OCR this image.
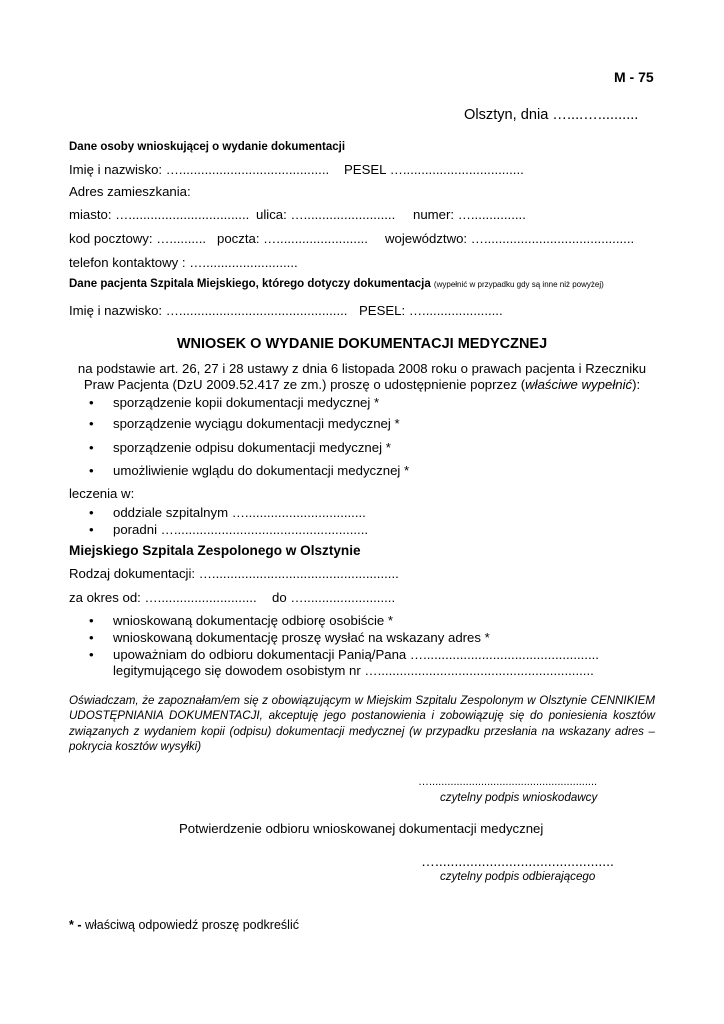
M - 75
Olsztyn, dnia …....…..........
Dane osoby wnioskującej o wydanie dokumentacji
Imię i nazwisko: …......................................... PESEL ….................................
Adres zamieszkania:
miasto: …................................. ulica: …......................... numer: …...............
kod pocztowy: ….......... poczta: …......................... województwo: ….........................................
telefon kontaktowy : …..........................
Dane pacjenta Szpitala Miejskiego, którego dotyczy dokumentacja (wypełnić w przypadku gdy są inne niż powyżej)
Imię i nazwisko: ….............................................. PESEL: …......................
WNIOSEK O WYDANIE DOKUMENTACJI MEDYCZNEJ
na podstawie art. 26, 27 i 28 ustawy z dnia 6 listopada 2008 roku o prawach pacjenta i Rzeczniku
Praw Pacjenta (DzU 2009.52.417 ze zm.) proszę o udostępnienie poprzez (właściwe wypełnić):
• sporządzenie kopii dokumentacji medycznej *
• sporządzenie wyciągu dokumentacji medycznej *
• sporządzenie odpisu dokumentacji medycznej *
• umożliwienie wglądu do dokumentacji medycznej *
leczenia w:
• oddziale szpitalnym ….................................
• poradni ….....................................................
Miejskiego Szpitala Zespolonego w Olsztynie
Rodzaj dokumentacji: …...................................................
za okres od: …........................... do ….........................
• wnioskowaną dokumentację odbiorę osobiście *
• wnioskowaną dokumentację proszę wysłać na wskazany adres *
• upoważniam do odbioru dokumentacji Panią/Pana …................................................
legitymującego się dowodem osobistym nr …...........................................................
Oświadczam, że zapoznałam/em się z obowiązującym w Miejskim Szpitalu Zespolonym w Olsztynie CENNIKIEM UDOSTĘPNIANIA DOKUMENTACJI, akceptuję jego postanowienia i zobowiązuję się do poniesienia kosztów związanych z wydaniem kopii (odpisu) dokumentacji medycznej (w przypadku przesłania na wskazany adres – pokrycia kosztów wysyłki)
….......................................................
czytelny podpis wnioskodawcy
Potwierdzenie odbioru wnioskowanej dokumentacji medycznej
…..............................................
czytelny podpis odbierającego
* - właściwą odpowiedź proszę podkreślić
